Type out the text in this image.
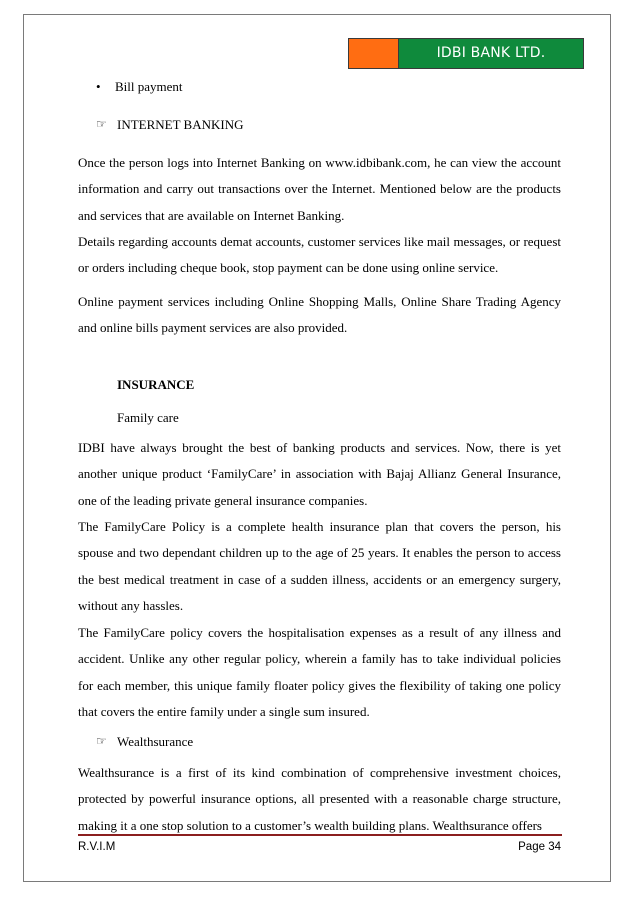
IDBI BANK LTD.
• Bill payment
☞ INTERNET BANKING
Once the person logs into Internet Banking on www.idbibank.com, he can view the account information and carry out transactions over the Internet. Mentioned below are the products and services that are available on Internet Banking.
Details regarding accounts demat accounts, customer services like mail messages, or request or orders including cheque book, stop payment can be done using online service.
Online payment services including Online Shopping Malls, Online Share Trading Agency and online bills payment services are also provided.
INSURANCE
Family care
IDBI have always brought the best of banking products and services. Now, there is yet another unique product ‘FamilyCare’ in association with Bajaj Allianz General Insurance, one of the leading private general insurance companies.
The FamilyCare Policy is a complete health insurance plan that covers the person, his spouse and two dependant children up to the age of 25 years. It enables the person to access the best medical treatment in case of a sudden illness, accidents or an emergency surgery, without any hassles.
The FamilyCare policy covers the hospitalisation expenses as a result of any illness and accident. Unlike any other regular policy, wherein a family has to take individual policies for each member, this unique family floater policy gives the flexibility of taking one policy that covers the entire family under a single sum insured.
☞ Wealthsurance
Wealthsurance is a first of its kind combination of comprehensive investment choices, protected by powerful insurance options, all presented with a reasonable charge structure, making it a one stop solution to a customer’s wealth building plans. Wealthsurance offers
R.V.I.M	Page 34
